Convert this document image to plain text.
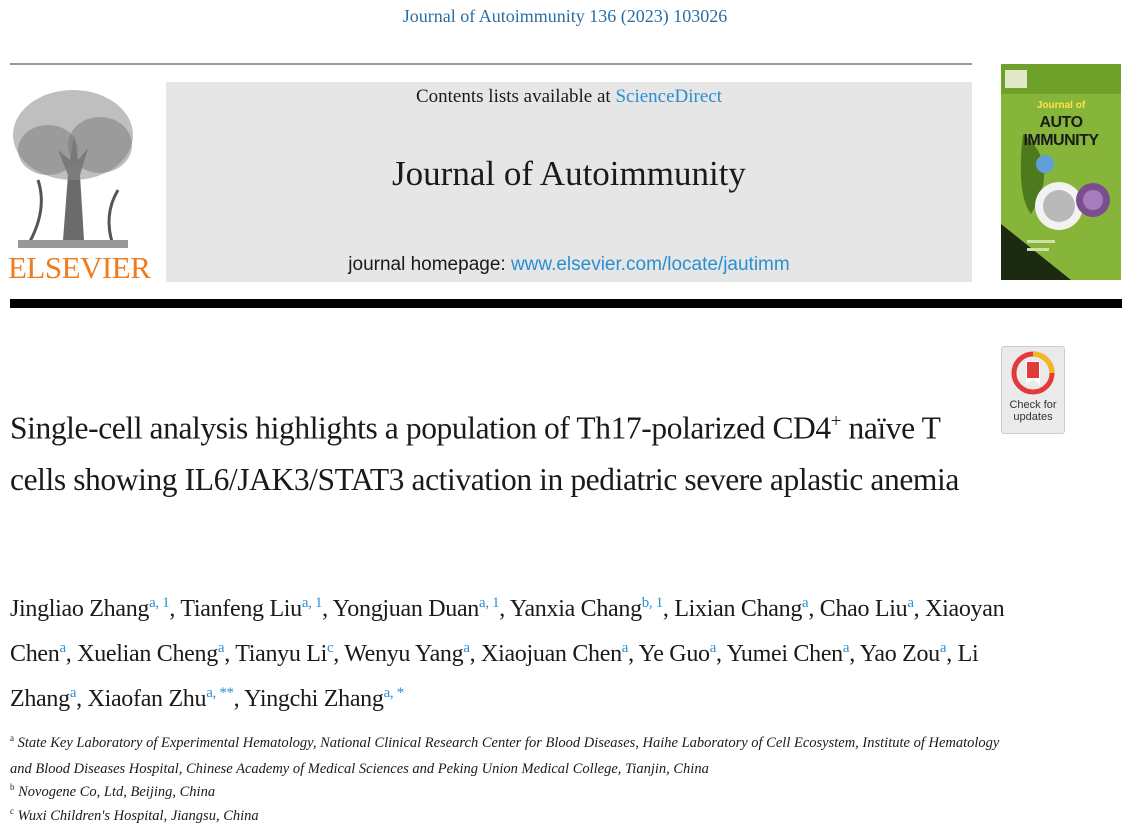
Journal of Autoimmunity 136 (2023) 103026
ELSEVIER
Contents lists available at ScienceDirect
Journal of Autoimmunity
journal homepage: www.elsevier.com/locate/jautimm
Journal of
AUTO IMMUNITY
Check for
updates
Single-cell analysis highlights a population of Th17-polarized CD4+ naïve T cells showing IL6/JAK3/STAT3 activation in pediatric severe aplastic anemia
Jingliao Zhang$^{a, 1}$, Tianfeng Liu$^{a, 1}$, Yongjuan Duan$^{a, 1}$, Yanxia Chang$^{b, 1}$, Lixian Chang$^a$, Chao Liu$^a$, Xiaoyan Chen$^a$, Xuelian Cheng$^a$, Tianyu Li$^c$, Wenyu Yang$^a$, Xiaojuan Chen$^a$, Ye Guo$^a$, Yumei Chen$^a$, Yao Zou$^a$, Li Zhang$^a$, Xiaofan Zhu$^{a, **}$, Yingchi Zhang$^{a, *}$
$^a$ State Key Laboratory of Experimental Hematology, National Clinical Research Center for Blood Diseases, Haihe Laboratory of Cell Ecosystem, Institute of Hematology
and Blood Diseases Hospital, Chinese Academy of Medical Sciences and Peking Union Medical College, Tianjin, China
$^b$ Novogene Co, Ltd, Beijing, China
$^c$ Wuxi Children's Hospital, Jiangsu, China
